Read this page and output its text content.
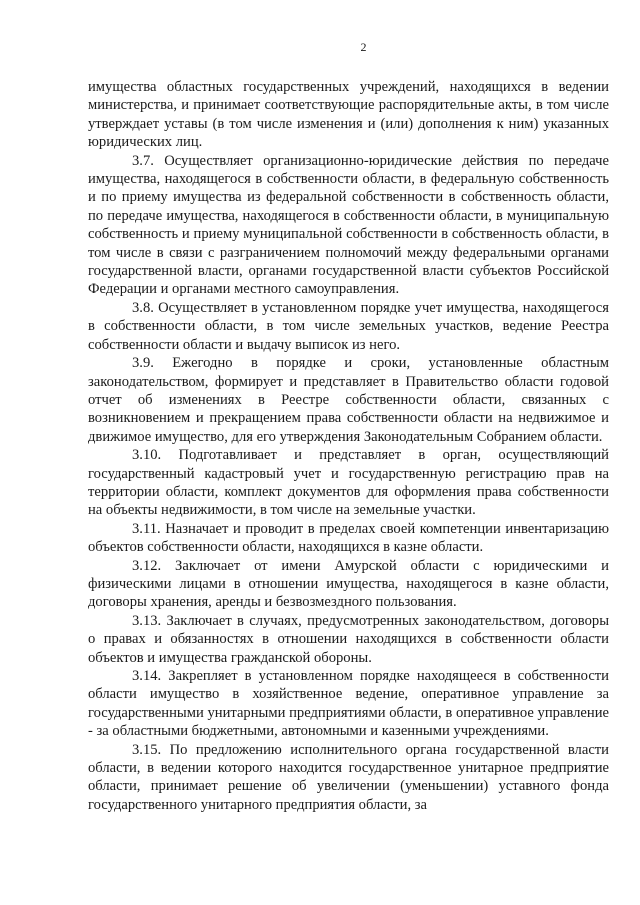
2

имущества областных государственных учреждений, находящихся в ведении министерства, и принимает соответствующие распорядительные акты, в том числе утверждает уставы (в том числе изменения и (или) дополнения к ним) указанных юридических лиц.

3.7. Осуществляет организационно-юридические действия по передаче имущества, находящегося в собственности области, в федеральную собственность и по приему имущества из федеральной собственности в собственность области, по передаче имущества, находящегося в собственности области, в муниципальную собственность и приему муниципальной собственности в собственность области, в том числе в связи с разграничением полномочий между федеральными органами государственной власти, органами государственной власти субъектов Российской Федерации и органами местного самоуправления.

3.8. Осуществляет в установленном порядке учет имущества, находящегося в собственности области, в том числе земельных участков, ведение Реестра собственности области и выдачу выписок из него.

3.9. Ежегодно в порядке и сроки, установленные областным законодательством, формирует и представляет в Правительство области годовой отчет об изменениях в Реестре собственности области, связанных с возникновением и прекращением права собственности области на недвижимое и движимое имущество, для его утверждения Законодательным Собранием области.

3.10. Подготавливает и представляет в орган, осуществляющий государственный кадастровый учет и государственную регистрацию прав на территории области, комплект документов для оформления права собственности на объекты недвижимости, в том числе на земельные участки.

3.11. Назначает и проводит в пределах своей компетенции инвентаризацию объектов собственности области, находящихся в казне области.

3.12. Заключает от имени Амурской области с юридическими и физическими лицами в отношении имущества, находящегося в казне области, договоры хранения, аренды и безвозмездного пользования.

3.13. Заключает в случаях, предусмотренных законодательством, договоры о правах и обязанностях в отношении находящихся в собственности области объектов и имущества гражданской обороны.

3.14. Закрепляет в установленном порядке находящееся в собственности области имущество в хозяйственное ведение, оперативное управление за государственными унитарными предприятиями области, в оперативное управление - за областными бюджетными, автономными и казенными учреждениями.

3.15. По предложению исполнительного органа государственной власти области, в ведении которого находится государственное унитарное предприятие области, принимает решение об увеличении (уменьшении) уставного фонда государственного унитарного предприятия области, за
